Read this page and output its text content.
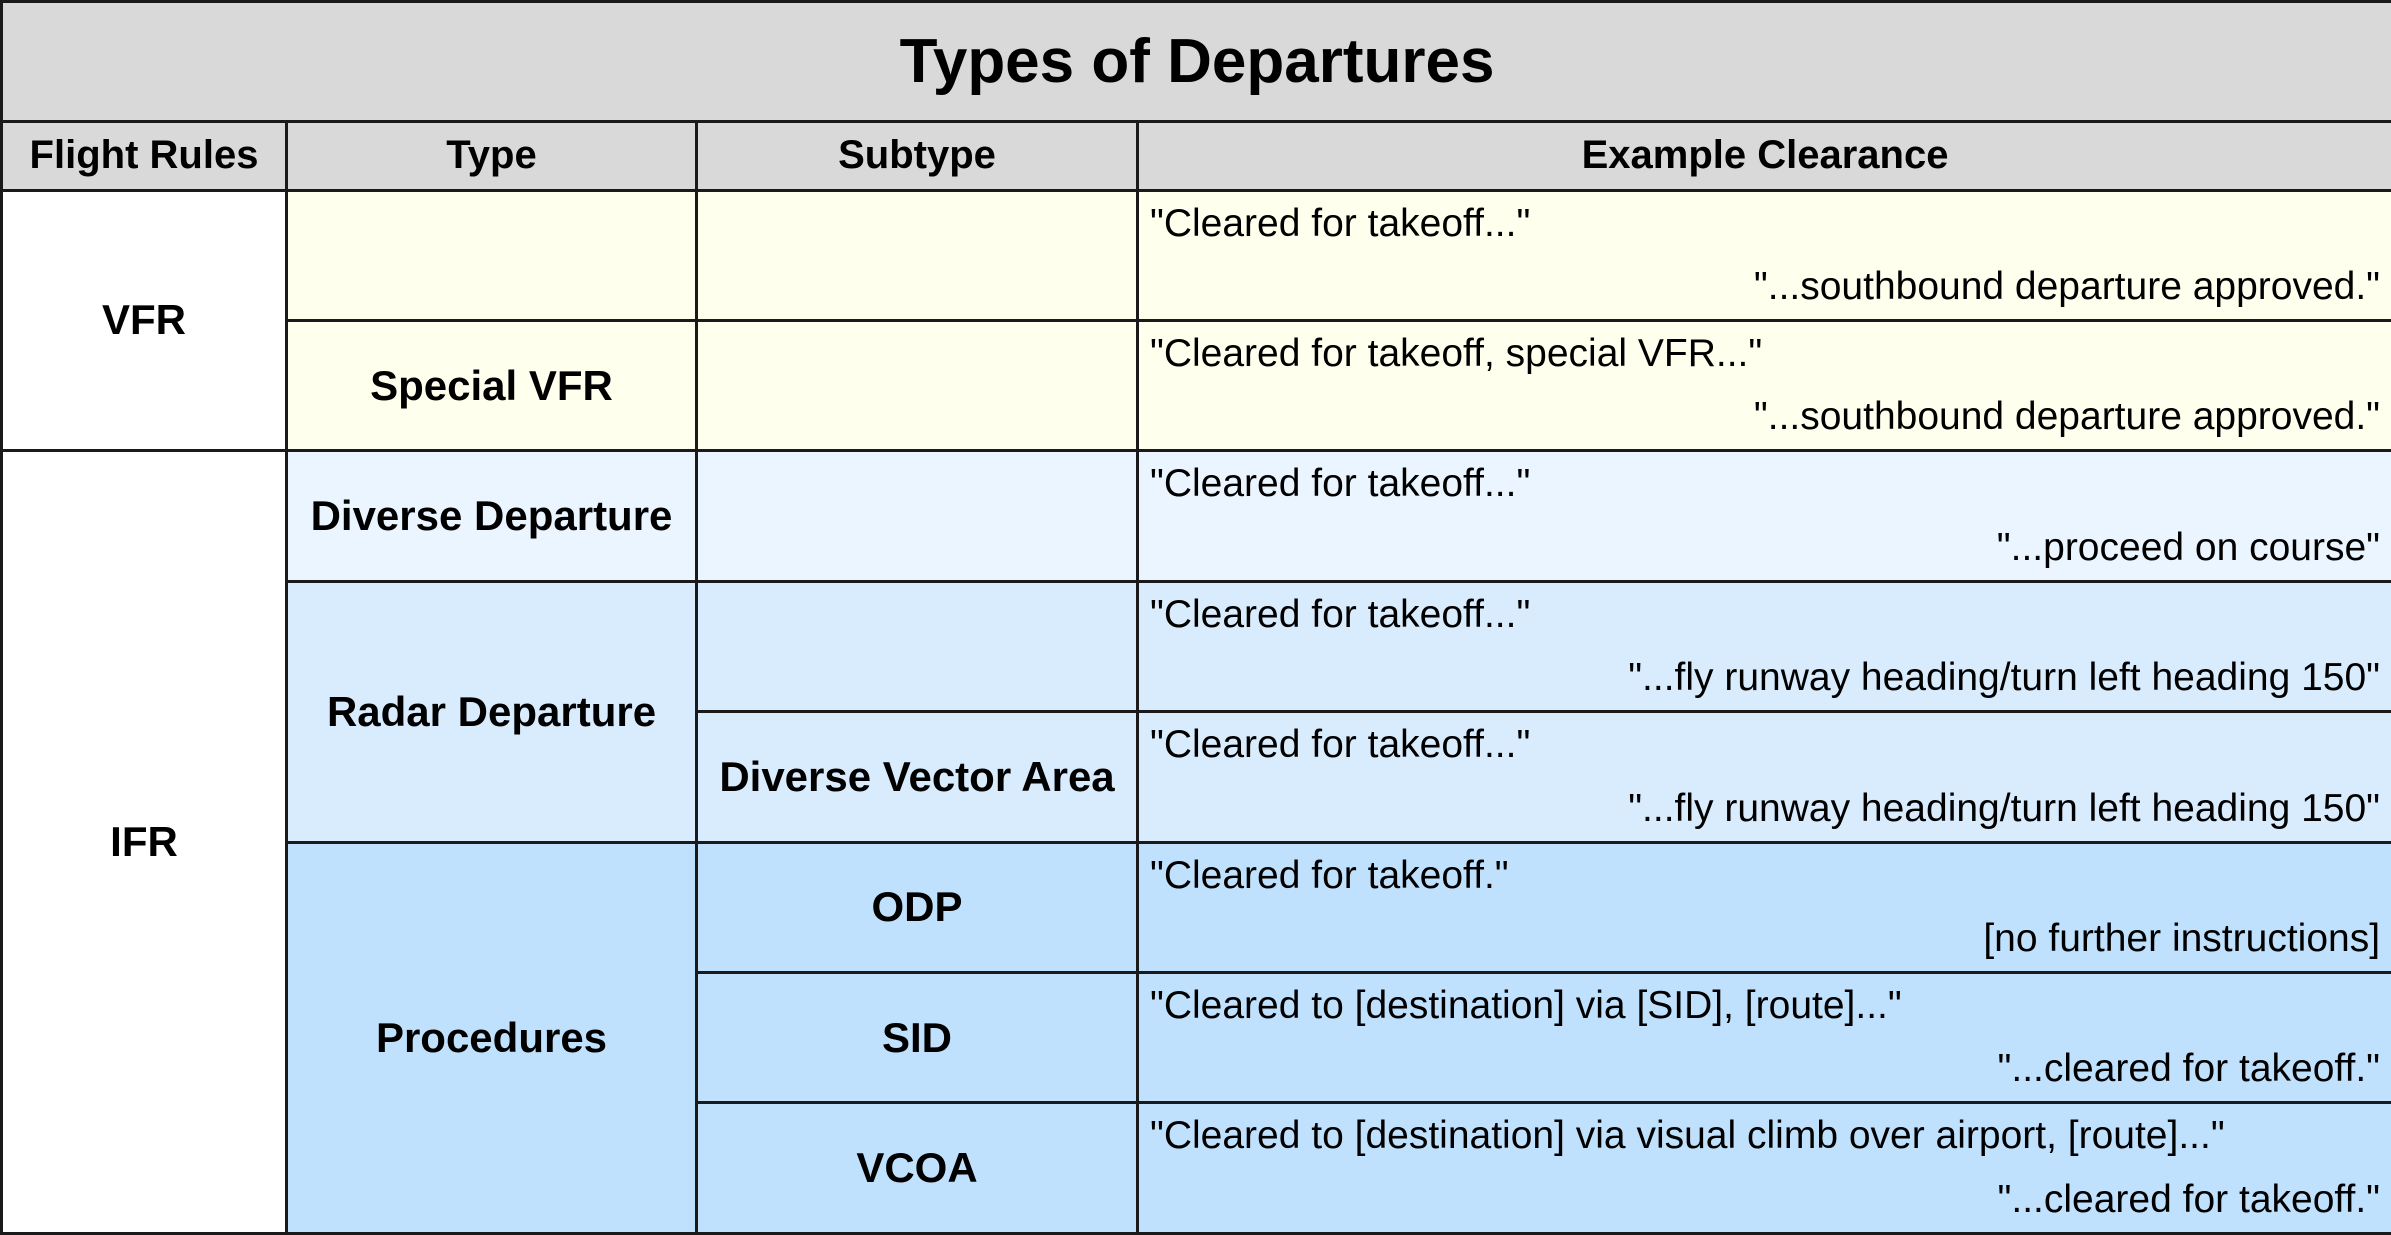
Types of Departures			
Flight Rules	Type	Subtype	Example Clearance
VFR			"Cleared for takeoff..."
"...southbound departure approved."

	Special VFR		"Cleared for takeoff, special VFR..."
"...southbound departure approved."

IFR	Diverse Departure		"Cleared for takeoff..."
"...proceed on course"

	Radar Departure		"Cleared for takeoff..."
"...fly runway heading/turn left heading 150"

		Diverse Vector Area	"Cleared for takeoff..."
"...fly runway heading/turn left heading 150"

	Procedures	ODP	"Cleared for takeoff."
[no further instructions]

		SID	"Cleared to [destination] via [SID], [route]..."
"...cleared for takeoff."

		VCOA	"Cleared to [destination] via visual climb over airport, [route]..."
"...cleared for takeoff."
